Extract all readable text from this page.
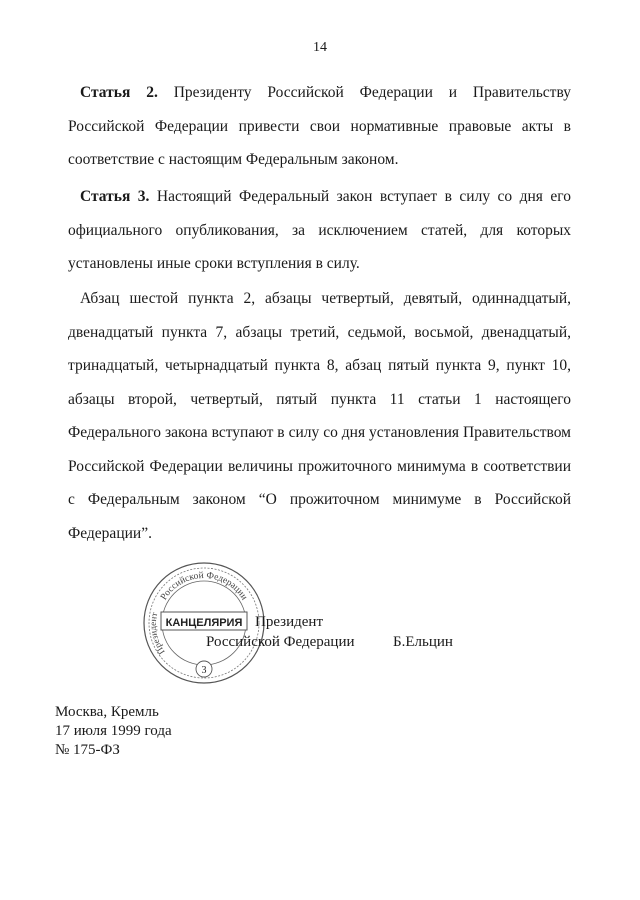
14

Статья 2. Президенту Российской Федерации и Правительству Российской Федерации привести свои нормативные правовые акты в соответствие с настоящим Федеральным законом.

Статья 3. Настоящий Федеральный закон вступает в силу со дня его официального опубликования, за исключением статей, для которых установлены иные сроки вступления в силу.

Абзац шестой пункта 2, абзацы четвертый, девятый, одиннадцатый, двенадцатый пункта 7, абзацы третий, седьмой, восьмой, двенадцатый, тринадцатый, четырнадцатый пункта 8, абзац пятый пункта 9, пункт 10, абзацы второй, четвертый, пятый пункта 11 статьи 1 настоящего Федерального закона вступают в силу со дня установления Правительством Российской Федерации величины прожиточного минимума в соответствии с Федеральным законом “О прожиточном минимуме в Российской Федерации”.

Российской Федерации
Президент
КАНЦЕЛЯРИЯ
3
Президент
Российской Федерации	Б.Ельцин
Москва, Кремль
17 июля 1999 года
№ 175-ФЗ
